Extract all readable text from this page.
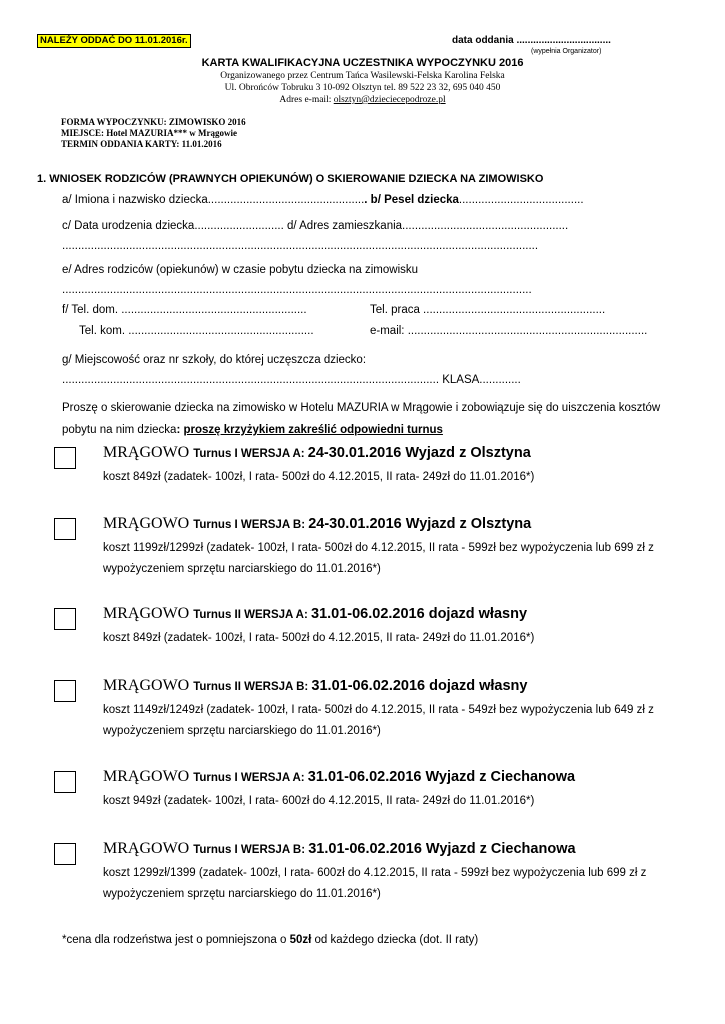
NALEŻY ODDAĆ DO 11.01.2016r.	data oddania ..................................
(wypełnia Organizator)
KARTA KWALIFIKACYJNA UCZESTNIKA WYPOCZYNKU 2016
Organizowanego przez Centrum Tańca Wasilewski-Felska Karolina Felska
Ul. Obrońców Tobruku 3 10-092 Olsztyn tel. 89 522 23 32, 695 040 450
Adres e-mail: olsztyn@dzieciecepodroze.pl
FORMA WYPOCZYNKU: ZIMOWISKO 2016
MIEJSCE: Hotel MAZURIA*** w Mrągowie
TERMIN ODDANIA KARTY: 11.01.2016
1. WNIOSEK RODZICÓW (PRAWNYCH OPIEKUNÓW) O SKIEROWANIE DZIECKA NA ZIMOWISKO
a/ Imiona i nazwisko dziecka.................................................. b/ Pesel dziecka.......................................
c/ Data urodzenia dziecka............................ d/ Adres zamieszkania....................................................
.....................................................................................................................................................
e/ Adres rodziców (opiekunów) w czasie pobytu dziecka na zimowisku
...................................................................................................................................................
f/ Tel. dom. ..........................................................	Tel. praca .........................................................
Tel. kom. ..........................................................	e-mail: ...........................................................................
g/ Miejscowość oraz nr szkoły, do której uczęszcza dziecko:
...................................................................................................................... KLASA.............
Proszę o skierowanie dziecka na zimowisko w Hotelu MAZURIA w Mrągowie i zobowiązuje się do uiszczenia kosztów
pobytu na nim dziecka: proszę krzyżykiem zakreślić odpowiedni turnus
MRĄGOWO Turnus I WERSJA A: 24-30.01.2016 Wyjazd z Olsztyna
koszt 849zł (zadatek- 100zł, I rata- 500zł do 4.12.2015, II rata- 249zł do 11.01.2016*)
MRĄGOWO Turnus I WERSJA B: 24-30.01.2016 Wyjazd z Olsztyna
koszt 1199zł/1299zł (zadatek- 100zł, I rata- 500zł do 4.12.2015, II rata - 599zł bez wypożyczenia lub 699 zł z
wypożyczeniem sprzętu narciarskiego do 11.01.2016*)
MRĄGOWO Turnus II WERSJA A: 31.01-06.02.2016 dojazd własny
koszt 849zł (zadatek- 100zł, I rata- 500zł do 4.12.2015, II rata- 249zł do 11.01.2016*)
MRĄGOWO Turnus II WERSJA B: 31.01-06.02.2016 dojazd własny
koszt 1149zł/1249zł (zadatek- 100zł, I rata- 500zł do 4.12.2015, II rata - 549zł bez wypożyczenia lub 649 zł z
wypożyczeniem sprzętu narciarskiego do 11.01.2016*)
MRĄGOWO Turnus I WERSJA A: 31.01-06.02.2016 Wyjazd z Ciechanowa
koszt 949zł (zadatek- 100zł, I rata- 600zł do 4.12.2015, II rata- 249zł do 11.01.2016*)
MRĄGOWO Turnus I WERSJA B: 31.01-06.02.2016 Wyjazd z Ciechanowa
koszt 1299zł/1399 (zadatek- 100zł, I rata- 600zł do 4.12.2015, II rata - 599zł bez wypożyczenia lub 699 zł z
wypożyczeniem sprzętu narciarskiego do 11.01.2016*)
*cena dla rodzeństwa jest o pomniejszona o 50zł od każdego dziecka (dot. II raty)
